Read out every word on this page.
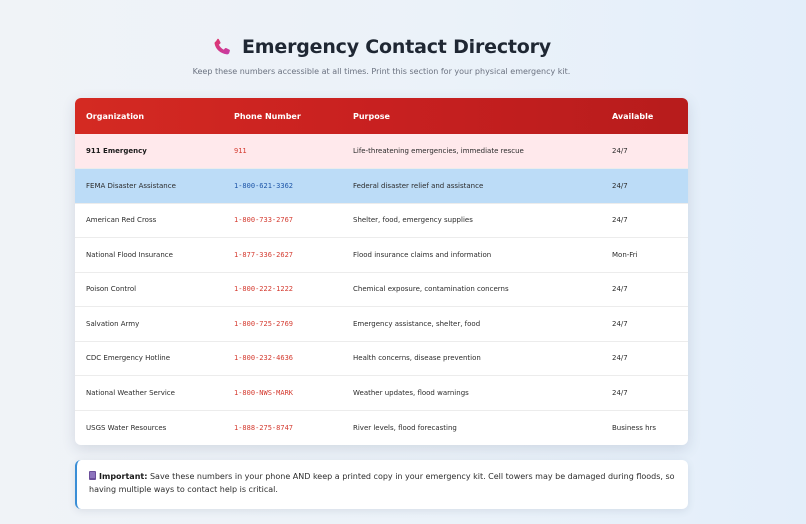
Emergency Contact Directory

Keep these numbers accessible at all times. Print this section for your physical emergency kit.

Organization	Phone Number	Purpose	Available
911 Emergency	911	Life-threatening emergencies, immediate rescue	24/7
FEMA Disaster Assistance	1-800-621-3362	Federal disaster relief and assistance	24/7
American Red Cross	1-800-733-2767	Shelter, food, emergency supplies	24/7
National Flood Insurance	1-877-336-2627	Flood insurance claims and information	Mon-Fri
Poison Control	1-800-222-1222	Chemical exposure, contamination concerns	24/7
Salvation Army	1-800-725-2769	Emergency assistance, shelter, food	24/7
CDC Emergency Hotline	1-800-232-4636	Health concerns, disease prevention	24/7
National Weather Service	1-800-NWS-MARK	Weather updates, flood warnings	24/7
USGS Water Resources	1-888-275-8747	River levels, flood forecasting	Business hrs
Important: Save these numbers in your phone AND keep a printed copy in your emergency kit. Cell towers may be damaged during floods, so having multiple ways to contact help is critical.
